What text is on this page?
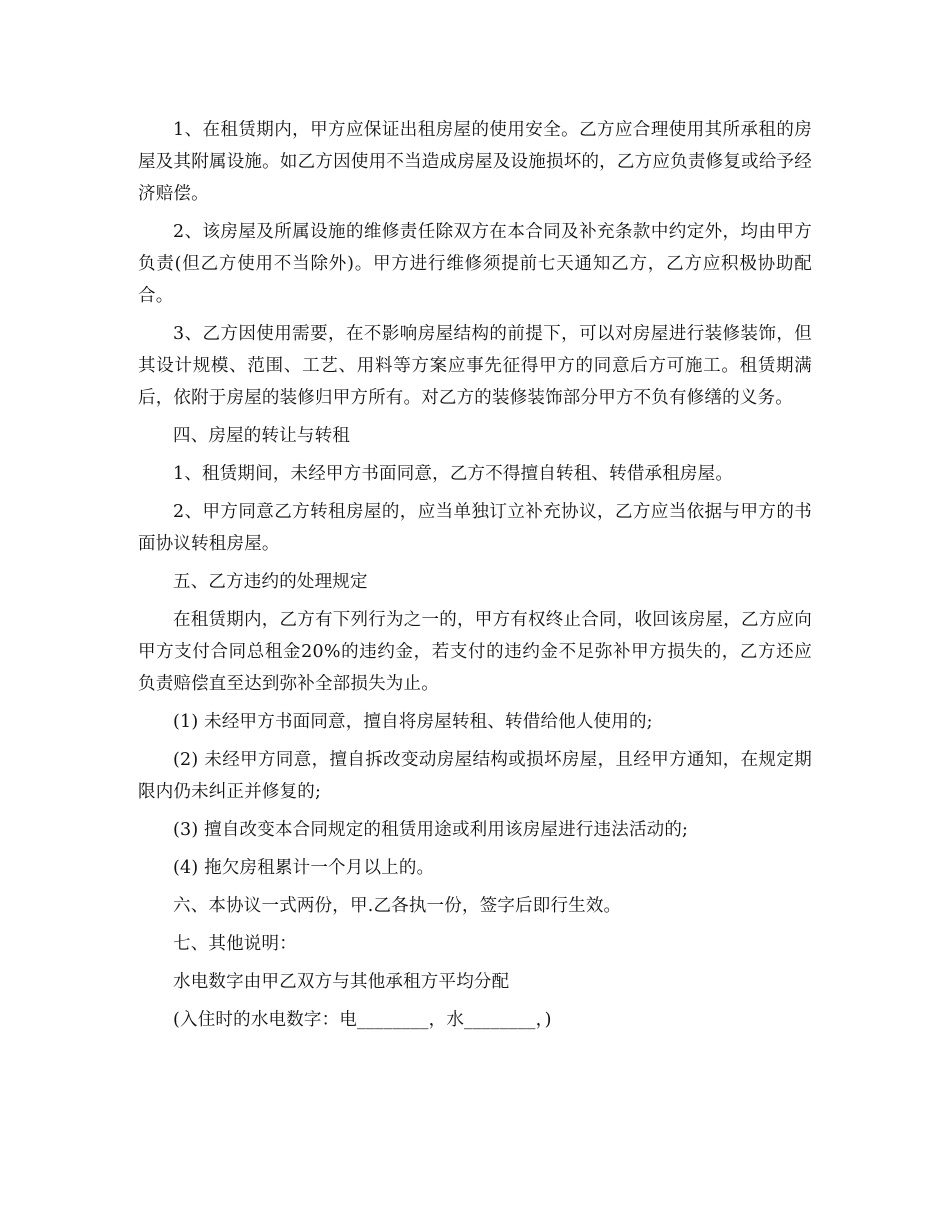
1、在租赁期内，甲方应保证出租房屋的使用安全。乙方应合理使用其所承租的房屋及其附属设施。如乙方因使用不当造成房屋及设施损坏的，乙方应负责修复或给予经济赔偿。

2、该房屋及所属设施的维修责任除双方在本合同及补充条款中约定外，均由甲方负责(但乙方使用不当除外)。甲方进行维修须提前七天通知乙方，乙方应积极协助配合。

3、乙方因使用需要，在不影响房屋结构的前提下，可以对房屋进行装修装饰，但其设计规模、范围、工艺、用料等方案应事先征得甲方的同意后方可施工。租赁期满后，依附于房屋的装修归甲方所有。对乙方的装修装饰部分甲方不负有修缮的义务。

四、房屋的转让与转租

1、租赁期间，未经甲方书面同意，乙方不得擅自转租、转借承租房屋。

2、甲方同意乙方转租房屋的，应当单独订立补充协议，乙方应当依据与甲方的书面协议转租房屋。

五、乙方违约的处理规定

在租赁期内，乙方有下列行为之一的，甲方有权终止合同，收回该房屋，乙方应向甲方支付合同总租金20%的违约金，若支付的违约金不足弥补甲方损失的，乙方还应负责赔偿直至达到弥补全部损失为止。

(1) 未经甲方书面同意，擅自将房屋转租、转借给他人使用的;

(2) 未经甲方同意，擅自拆改变动房屋结构或损坏房屋，且经甲方通知，在规定期限内仍未纠正并修复的;

(3) 擅自改变本合同规定的租赁用途或利用该房屋进行违法活动的;

(4) 拖欠房租累计一个月以上的。

六、本协议一式两份，甲.乙各执一份，签字后即行生效。

七、其他说明：

水电数字由甲乙双方与其他承租方平均分配

(入住时的水电数字：电________，水________，)
